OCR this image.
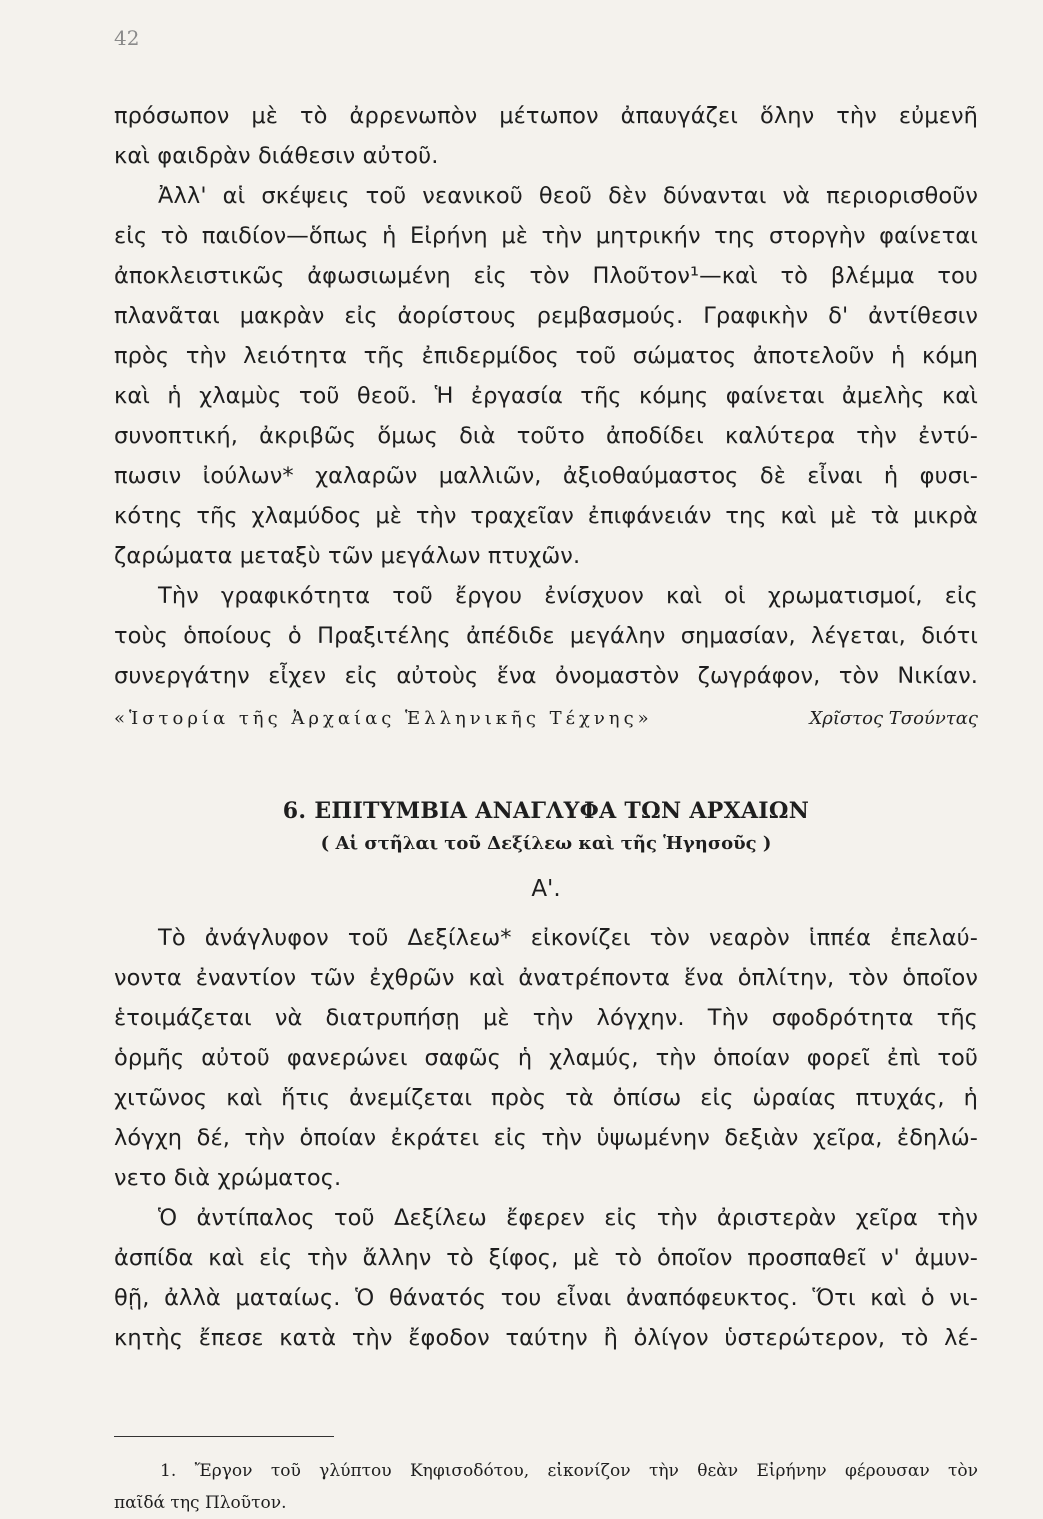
42
πρόσωπον μὲ τὸ ἀρρενωπὸν μέτωπον ἀπαυγάζει ὅλην τὴν εὐμενῆ
καὶ φαιδρὰν διάθεσιν αὐτοῦ.
Ἀλλ' αἱ σκέψεις τοῦ νεανικοῦ θεοῦ δὲν δύνανται νὰ περιορισθοῦν
εἰς τὸ παιδίον—ὅπως ἡ Εἰρήνη μὲ τὴν μητρικήν της στοργὴν φαίνεται
ἀποκλειστικῶς ἀφωσιωμένη εἰς τὸν Πλοῦτον¹—καὶ τὸ βλέμμα του
πλανᾶται μακρὰν εἰς ἀορίστους ρεμβασμούς. Γραφικὴν δ' ἀντίθεσιν
πρὸς τὴν λειότητα τῆς ἐπιδερμίδος τοῦ σώματος ἀποτελοῦν ἡ κόμη
καὶ ἡ χλαμὺς τοῦ θεοῦ. Ἡ ἐργασία τῆς κόμης φαίνεται ἀμελὴς καὶ
συνοπτική, ἀκριβῶς ὅμως διὰ τοῦτο ἀποδίδει καλύτερα τὴν ἐντύ-
πωσιν ἰούλων* χαλαρῶν μαλλιῶν, ἀξιοθαύμαστος δὲ εἶναι ἡ φυσι-
κότης τῆς χλαμύδος μὲ τὴν τραχεῖαν ἐπιφάνειάν της καὶ μὲ τὰ μικρὰ
ζαρώματα μεταξὺ τῶν μεγάλων πτυχῶν.
Τὴν γραφικότητα τοῦ ἔργου ἐνίσχυον καὶ οἱ χρωματισμοί, εἰς
τοὺς ὁποίους ὁ Πραξιτέλης ἀπέδιδε μεγάλην σημασίαν, λέγεται, διότι
συνεργάτην εἶχεν εἰς αὐτοὺς ἕνα ὀνομαστὸν ζωγράφον, τὸν Νικίαν.
«Ἱστορία τῆς Ἀρχαίας Ἑλληνικῆς Τέχνης»	Χρῖστος Τσούντας
6. ΕΠΙΤΥΜΒΙΑ ΑΝΑΓΛΥΦΑ ΤΩΝ ΑΡΧΑΙΩΝ
( Αἱ στῆλαι τοῦ Δεξίλεω καὶ τῆς Ἡγησοῦς )
Α'.
Τὸ ἀνάγλυφον τοῦ Δεξίλεω* εἰκονίζει τὸν νεαρὸν ἱππέα ἐπελαύ-
νοντα ἐναντίον τῶν ἐχθρῶν καὶ ἀνατρέποντα ἕνα ὁπλίτην, τὸν ὁποῖον
ἑτοιμάζεται νὰ διατρυπήσῃ μὲ τὴν λόγχην. Τὴν σφοδρότητα τῆς
ὁρμῆς αὐτοῦ φανερώνει σαφῶς ἡ χλαμύς, τὴν ὁποίαν φορεῖ ἐπὶ τοῦ
χιτῶνος καὶ ἥτις ἀνεμίζεται πρὸς τὰ ὀπίσω εἰς ὡραίας πτυχάς, ἡ
λόγχη δέ, τὴν ὁποίαν ἐκράτει εἰς τὴν ὑψωμένην δεξιὰν χεῖρα, ἐδηλώ-
νετο διὰ χρώματος.
Ὁ ἀντίπαλος τοῦ Δεξίλεω ἔφερεν εἰς τὴν ἀριστερὰν χεῖρα τὴν
ἀσπίδα καὶ εἰς τὴν ἄλλην τὸ ξίφος, μὲ τὸ ὁποῖον προσπαθεῖ ν' ἀμυν-
θῇ, ἀλλὰ ματαίως. Ὁ θάνατός του εἶναι ἀναπόφευκτος. Ὅτι καὶ ὁ νι-
κητὴς ἔπεσε κατὰ τὴν ἔφοδον ταύτην ἢ ὀλίγον ὑστερώτερον, τὸ λέ-
1. Ἔργον τοῦ γλύπτου Κηφισοδότου, εἰκονίζον τὴν θεὰν Εἰρήνην φέρουσαν τὸν
παῖδά της Πλοῦτον.
